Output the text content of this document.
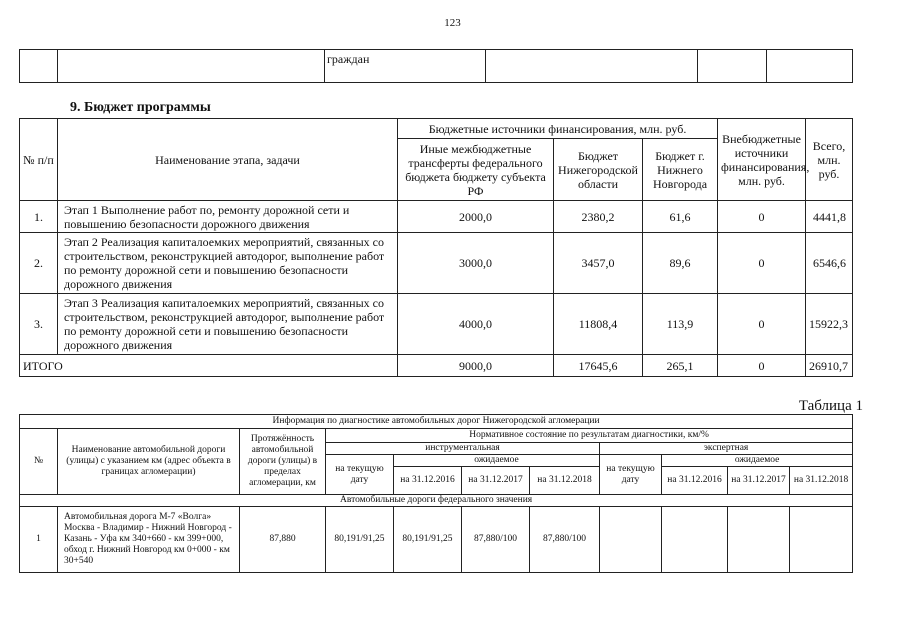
123
		граждан			
9. Бюджет программы
№ п/п	Наименование этапа, задачи	Бюджетные источники финансирования, млн. руб.			Внебюджетные источники финансирования, млн. руб.	Всего, млн. руб.
		Иные межбюджетные трансферты федерального бюджета бюджету субъекта РФ	Бюджет Нижегородской области	Бюджет г. Нижнего Новгорода		
1.	Этап 1 Выполнение работ по, ремонту дорожной сети и повышению безопасности дорожного движения	2000,0	2380,2	61,6	0	4441,8
2.	Этап 2 Реализация капиталоемких мероприятий, связанных со строительством, реконструкцией автодорог, выполнение работ по ремонту дорожной сети и повышению безопасности дорожного движения	3000,0	3457,0	89,6	0	6546,6
3.	Этап 3 Реализация капиталоемких мероприятий, связанных со строительством, реконструкцией автодорог, выполнение работ по ремонту дорожной сети и повышению безопасности дорожного движения	4000,0	11808,4	113,9	0	15922,3
ИТОГО		9000,0	17645,6	265,1	0	26910,7
Таблица 1
Информация по диагностике автомобильных дорог Нижегородской агломерации										
№	Наименование автомобильной дороги (улицы) с указанием км (адрес объекта в границах агломерации)	Протяжённость автомобильной дороги (улицы) в пределах агломерации, км	Нормативное состояние по результатам диагностики, км/%							
			инструментальная				экспертная			
			на текущую дату	ожидаемое			на текущую дату	ожидаемое		
				на 31.12.2016	на 31.12.2017	на 31.12.2018		на 31.12.2016	на 31.12.2017	на 31.12.2018
Автомобильные дороги федерального значения										
1	Автомобильная дорога М-7 «Волга» Москва - Владимир - Нижний Новгород - Казань - Уфа км 340+660 - км 399+000, обход г. Нижний Новгород км 0+000 - км 30+540	87,880	80,191/91,25	80,191/91,25	87,880/100	87,880/100				
